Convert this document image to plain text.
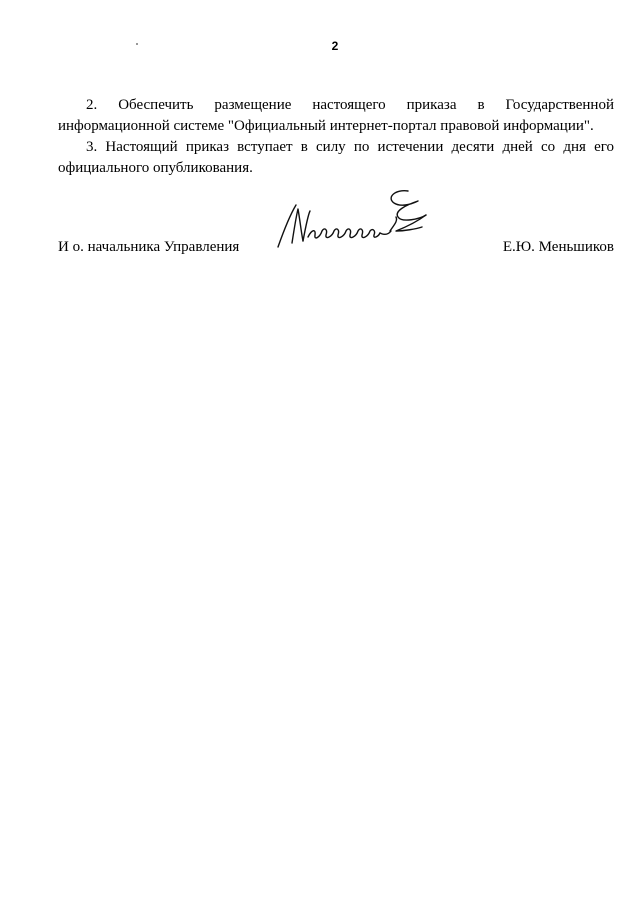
2

2. Обеспечить размещение настоящего приказа в Государственной информационной системе "Официальный интернет-портал правовой информации".

3. Настоящий приказ вступает в силу по истечении десяти дней со дня его официального опубликования.

И о. начальника Управления	Е.Ю. Меньшиков
